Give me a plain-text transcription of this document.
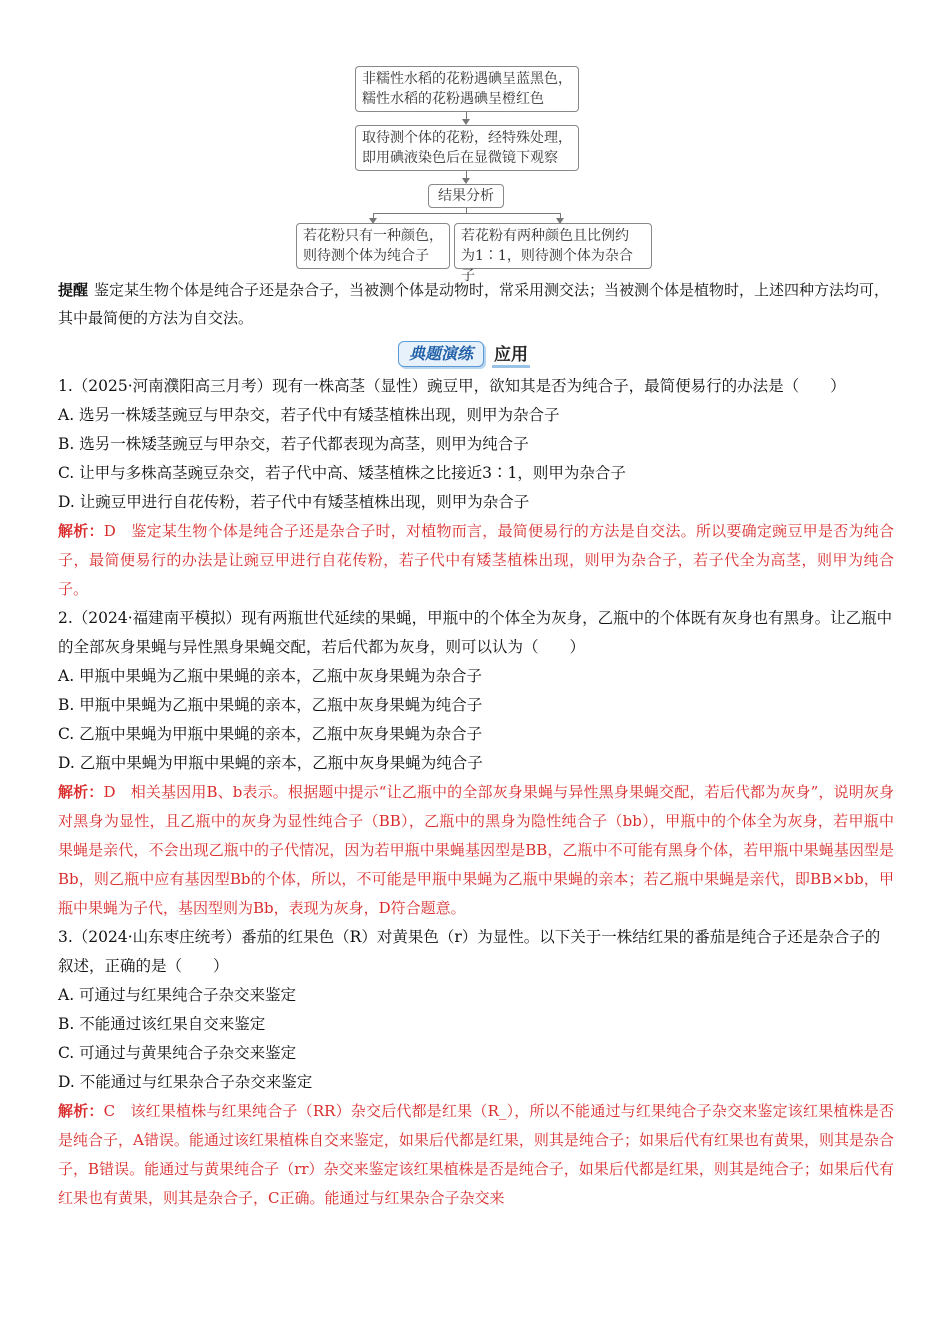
非糯性水稻的花粉遇碘呈蓝黑色，
糯性水稻的花粉遇碘呈橙红色
取待测个体的花粉，经特殊处理，
即用碘液染色后在显微镜下观察
结果分析
若花粉只有一种颜色，
则待测个体为纯合子
若花粉有两种颜色且比例约
为1∶1，则待测个体为杂合子

提醒 鉴定某生物个体是纯合子还是杂合子，当被测个体是动物时，常采用测交法；当被测个体是植物时，上述四种方法均可，其中最简便的方法为自交法。

典题演练	应用

1.（2025·河南濮阳高三月考）现有一株高茎（显性）豌豆甲，欲知其是否为纯合子，最简便易行的办法是（　　）

A. 选另一株矮茎豌豆与甲杂交，若子代中有矮茎植株出现，则甲为杂合子
B. 选另一株矮茎豌豆与甲杂交，若子代都表现为高茎，则甲为纯合子
C. 让甲与多株高茎豌豆杂交，若子代中高、矮茎植株之比接近3∶1，则甲为杂合子
D. 让豌豆甲进行自花传粉，若子代中有矮茎植株出现，则甲为杂合子

解析：D　鉴定某生物个体是纯合子还是杂合子时，对植物而言，最简便易行的方法是自交法。所以要确定豌豆甲是否为纯合子，最简便易行的办法是让豌豆甲进行自花传粉，若子代中有矮茎植株出现，则甲为杂合子，若子代全为高茎，则甲为纯合子。

2.（2024·福建南平模拟）现有两瓶世代延续的果蝇，甲瓶中的个体全为灰身，乙瓶中的个体既有灰身也有黑身。让乙瓶中的全部灰身果蝇与异性黑身果蝇交配，若后代都为灰身，则可以认为（　　）

A. 甲瓶中果蝇为乙瓶中果蝇的亲本，乙瓶中灰身果蝇为杂合子
B. 甲瓶中果蝇为乙瓶中果蝇的亲本，乙瓶中灰身果蝇为纯合子
C. 乙瓶中果蝇为甲瓶中果蝇的亲本，乙瓶中灰身果蝇为杂合子
D. 乙瓶中果蝇为甲瓶中果蝇的亲本，乙瓶中灰身果蝇为纯合子

解析：D　相关基因用B、b表示。根据题中提示“让乙瓶中的全部灰身果蝇与异性黑身果蝇交配，若后代都为灰身”，说明灰身对黑身为显性，且乙瓶中的灰身为显性纯合子（BB），乙瓶中的黑身为隐性纯合子（bb），甲瓶中的个体全为灰身，若甲瓶中果蝇是亲代，不会出现乙瓶中的子代情况，因为若甲瓶中果蝇基因型是BB，乙瓶中不可能有黑身个体，若甲瓶中果蝇基因型是Bb，则乙瓶中应有基因型Bb的个体，所以，不可能是甲瓶中果蝇为乙瓶中果蝇的亲本；若乙瓶中果蝇是亲代，即BB×bb，甲瓶中果蝇为子代，基因型则为Bb，表现为灰身，D符合题意。

3.（2024·山东枣庄统考）番茄的红果色（R）对黄果色（r）为显性。以下关于一株结红果的番茄是纯合子还是杂合子的叙述，正确的是（　　）

A. 可通过与红果纯合子杂交来鉴定
B. 不能通过该红果自交来鉴定
C. 可通过与黄果纯合子杂交来鉴定
D. 不能通过与红果杂合子杂交来鉴定

解析：C　该红果植株与红果纯合子（RR）杂交后代都是红果（R_），所以不能通过与红果纯合子杂交来鉴定该红果植株是否是纯合子，A错误。能通过该红果植株自交来鉴定，如果后代都是红果，则其是纯合子；如果后代有红果也有黄果，则其是杂合子，B错误。能通过与黄果纯合子（rr）杂交来鉴定该红果植株是否是纯合子，如果后代都是红果，则其是纯合子；如果后代有红果也有黄果，则其是杂合子，C正确。能通过与红果杂合子杂交来
